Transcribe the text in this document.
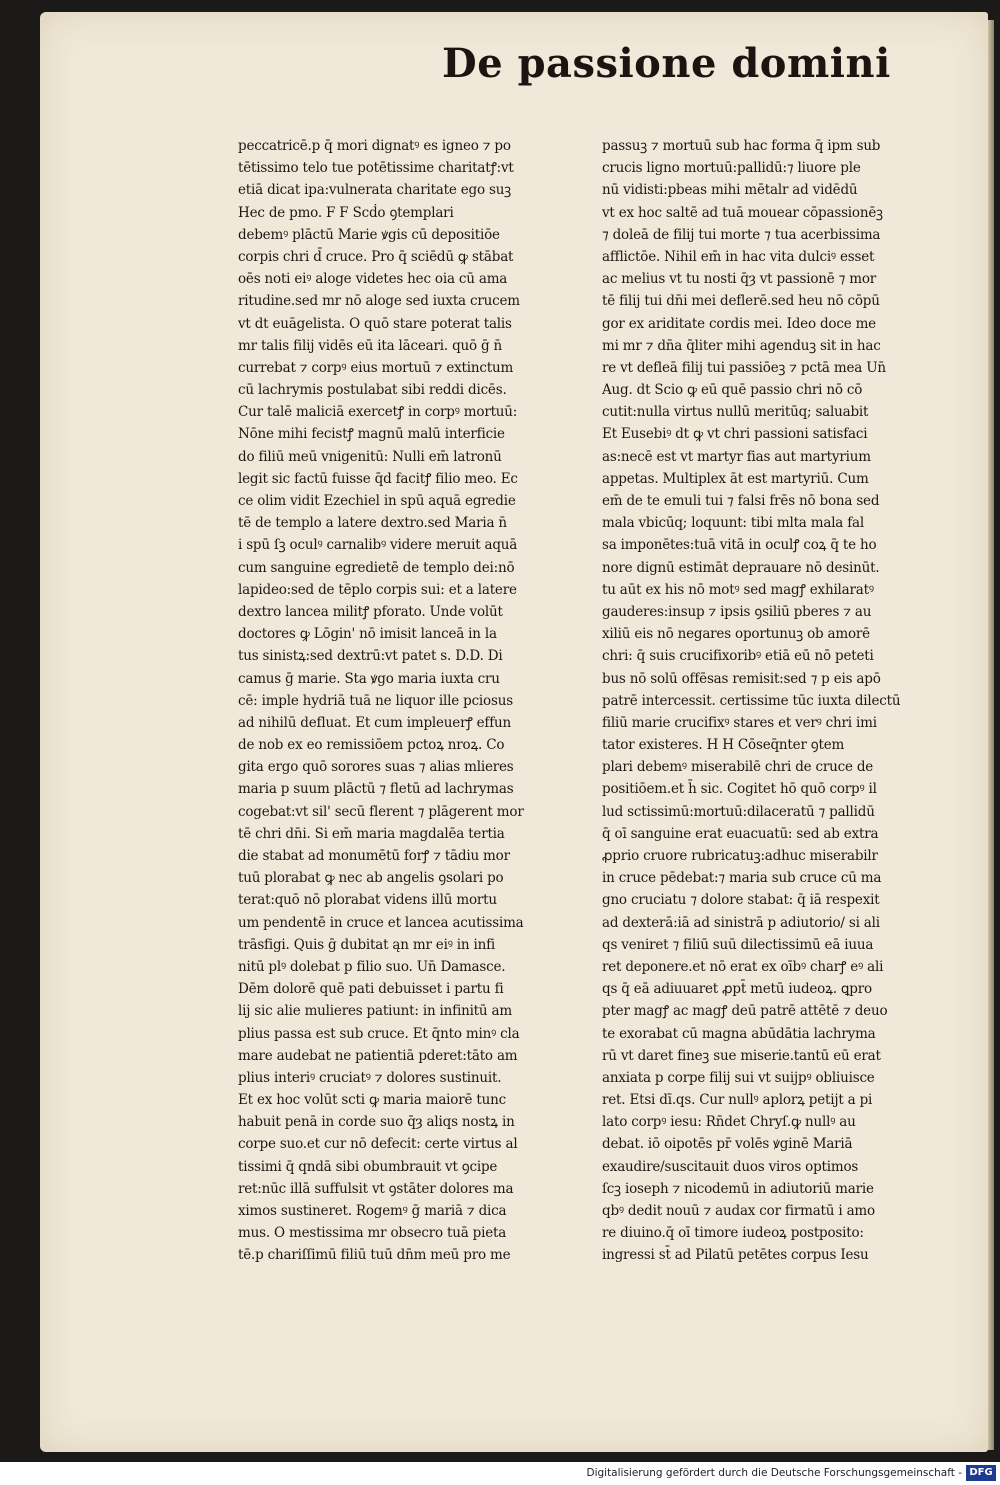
De passione domini
peccatricē.p q̄ mori dignatꝰ es igneo ⁊ po
tētissimo telo tue potētissime charitatꝭ:vt
etiā dicat ipa:vulnerata charitate ego suꝫ
Hec de pmo. F F Scḋo ꝯtemplari
debemꝰ plāctū Marie ꝟgis cū depositiōe
corpis chri d̄ cruce. Pro q̄ sciēdū ꝙ stābat
oēs noti eiꝰ aloge videtes hec oia cū ama
ritudine.sed mr nō aloge sed iuxta crucem
vt dt euāgelista. O quō stare poterat talis
mr talis filij vidēs eū ita lāceari. quō ḡ n̄
currebat ⁊ corpꝰ eius mortuū ⁊ extinctum
cū lachrymis postulabat sibi reddi dicēs.
Cur talē maliciā exercetꝭ in corpꝰ mortuū:
Nōne mihi fecistꝭ magnū malū interficie
do filiū meū vnigenitū: Nulli em̄ latronū
legit sic factū fuisse q̄d facitꝭ filio meo. Ec
ce olim vidit Ezechiel in spū aquā egredie
tē de templo a latere dextro.sed Maria n̄
i spū ſꝫ oculꝰ carnalibꝰ videre meruit aquā
cum sanguine egredietē de templo dei:nō
lapideo:sed de tēplo corpis sui: et a latere
dextro lancea militꝭ pforato. Unde volūt
doctores ꝙ Lōgin' nō imisit lanceā in la
tus sinistꝝ:sed dextrū:vt patet s. D.D. Di
camus ḡ marie. Sta ꝟgo maria iuxta cru
cē: imple hydriā tuā ne liquor ille pciosus
ad nihilū defluat. Et cum impleuerꝭ effun
de nob ex eo remissiōem pctoꝝ nroꝝ. Co
gita ergo quō sorores suas ⁊ alias mlieres
maria p suum plāctū ⁊ fletū ad lachrymas
cogebat:vt sil' secū flerent ⁊ plāgerent mor
tē chri dn̄i. Si em̄ maria magdalēa tertia
die stabat ad monumētū forꝭ ⁊ tādiu mor
tuū plorabat ꝙ nec ab angelis ꝯsolari po
terat:quō nō plorabat videns illū mortu
um pendentē in cruce et lancea acutissima
trāsfigi. Quis ḡ dubitat ąn mr eiꝰ in infi
nitū plꝰ dolebat p filio suo. Un̄ Damasce.
Dēm dolorē quē pati debuisset i partu fi
lij sic alie mulieres patiunt: in infinitū am
plius passa est sub cruce. Et q̄nto minꝰ cla
mare audebat ne patientiā pderet:tāto am
plius interiꝰ cruciatꝰ ⁊ dolores sustinuit.
Et ex hoc volūt scti ꝙ maria maiorē tunc
habuit penā in corde suo q̄ȝ aliqs nostꝝ in
corpe suo.et cur nō defecit: certe virtus al
tissimi q̄ qndā sibi obumbrauit vt ꝯcipe
ret:nūc illā suffulsit vt ꝯstāter dolores ma
ximos sustineret. Rogemꝰ ḡ mariā ⁊ dica
mus. O mestissima mr obsecro tuā pieta
tē.p chariſſimū filiū tuū dn̄m meū pro me
passuꝫ ⁊ mortuū sub hac forma q̄ ipm sub
crucis ligno mortuū:pallidū:⁊ liuore ple
nū vidisti:pbeas mihi mētalr ad vidēdū
vt ex hoc saltē ad tuā mouear cōpassionēꝫ
⁊ doleā de filij tui morte ⁊ tua acerbissima
afflictōe. Nihil em̄ in hac vita dulciꝰ esset
ac melius vt tu nosti q̄ȝ vt passionē ⁊ mor
tē filij tui dn̄i mei deflerē.sed heu nō cōpū
gor ex ariditate cordis mei. Ideo doce me
mi mr ⁊ dn̄a q̄liter mihi agenduꝫ sit in hac
re vt defleā filij tui passiōeꝫ ⁊ pctā mea Un̄
Aug. dt Scio ꝙ eū quē passio chri nō cō
cutit:nulla virtus nullū meritūq; saluabit
Et Eusebiꝰ dt ꝙ vt chri passioni satisfaci
as:necē est vt martyr fias aut martyrium
appetas. Multiplex āt est martyriū. Cum
em̄ de te emuli tui ⁊ falsi frēs nō bona sed
mala vbicūq; loquunt: tibi mlta mala fal
sa imponētes:tuā vitā in oculꝭ coꝝ q̄ te ho
nore dignū estimāt deprauare nō desinūt.
tu aūt ex his nō motꝰ sed magꝭ exhilaratꝰ
gauderes:insup ⁊ ipsis ꝯsiliū pberes ⁊ au
xiliū eis nō negares oportunuꝫ ob amorē
chri: q̄ suis crucifixoribꝰ etiā eū nō peteti
bus nō solū offēsas remisit:sed ⁊ p eis apō
patrē intercessit. certissime tūc iuxta dilectū
filiū marie crucifixꝰ stares et verꝰ chri imi
tator existeres. H H Cōseq̄nter ꝯtem
plari debemꝰ miserabilē chri de cruce de
positiōem.et h̄ sic. Cogitet hō quō corpꝰ il
lud sctissimū:mortuū:dilaceratū ⁊ pallidū
q̄ oī sanguine erat euacuatū: sed ab extra
ꝓprio cruore rubricatuꝫ:adhuc miserabilr
in cruce pēdebat:⁊ maria sub cruce cū ma
gno cruciatu ⁊ dolore stabat: q̄ iā respexit
ad dexterā:iā ad sinistrā p adiutorio/ si ali
qs veniret ⁊ filiū suū dilectissimū eā iuua
ret deponere.et nō erat ex oībꝰ charꝭ eꝰ ali
qs q̄ eā adiuuaret ꝓpt̄ metū iudeoꝝ. ꝗpro
pter magꝭ ac magꝭ deū patrē attētē ⁊ deuo
te exorabat cū magna abūdātia lachryma
rū vt daret fineꝫ sue miserie.tantū eū erat
anxiata p corpe filij sui vt suijpꝰ obliuisce
ret. Etsi dī.qs. Cur nullꝰ aplorꝝ petijt a pi
lato corpꝰ iesu: Rn̄det Chryſ.ꝙ nullꝰ au
debat. iō oipotēs pr̄ volēs ꝟginē Mariā
exaudire/suscitauit duos viros optimos
ſcꝫ ioseph ⁊ nicodemū in adiutoriū marie
qbꝰ dedit nouū ⁊ audax cor firmatū i amo
re diuino.q̄ oī timore iudeoꝝ postposito:
ingressi st̄ ad Pilatū petētes corpus Iesu
Digitalisierung gefördert durch die Deutsche Forschungsgemeinschaft - DFG
